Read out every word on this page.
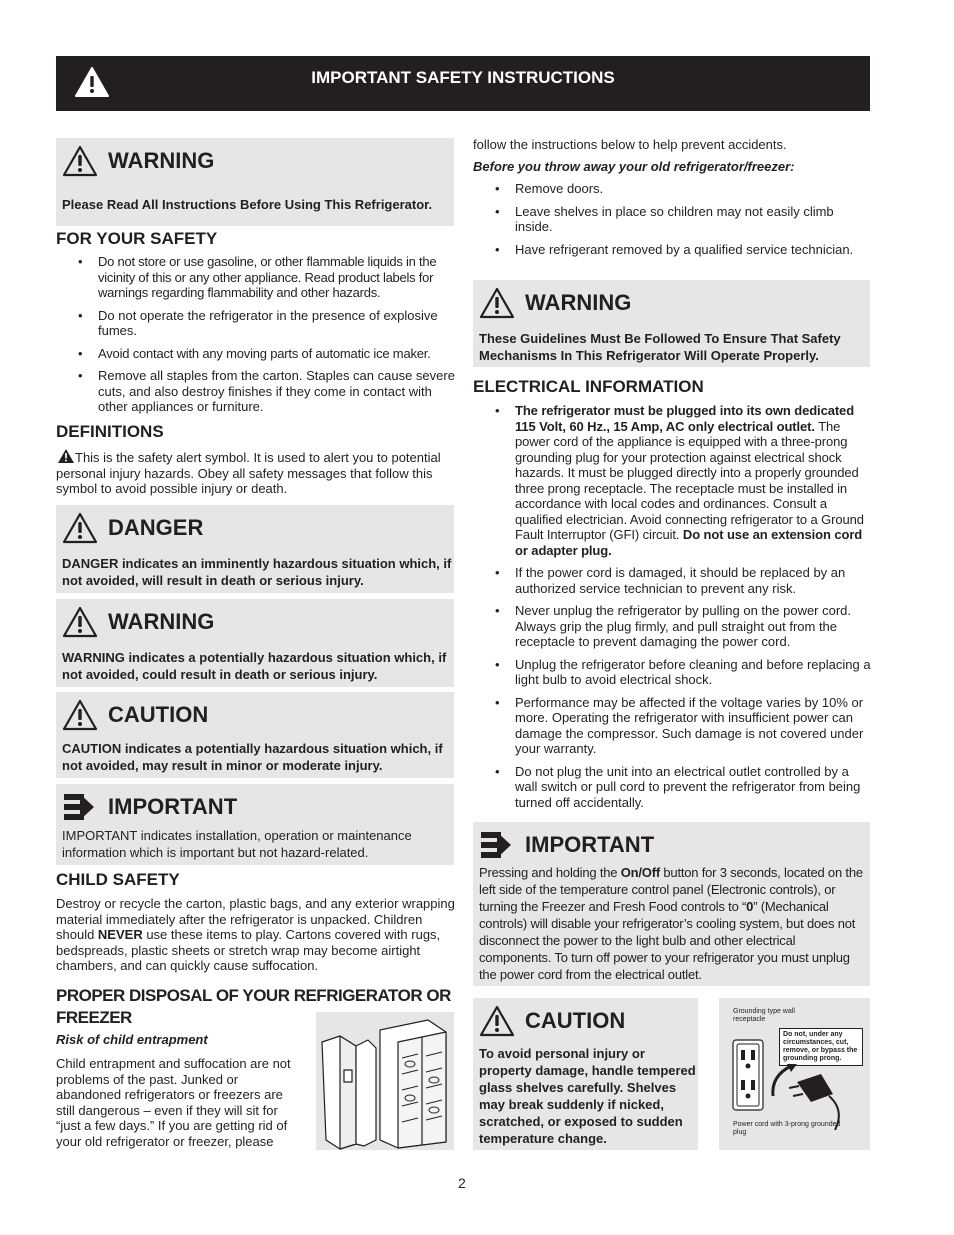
IMPORTANT SAFETY INSTRUCTIONS
WARNING
Please Read All Instructions Before Using This Refrigerator.
FOR YOUR SAFETY
• Do not store or use gasoline, or other flammable liquids in the vicinity of this or any other appliance. Read product labels for warnings regarding flammability and other hazards.
• Do not operate the refrigerator in the presence of explosive fumes.
• Avoid contact with any moving parts of automatic ice maker.
• Remove all staples from the carton. Staples can cause severe cuts, and also destroy finishes if they come in contact with other appliances or furniture.
DEFINITIONS
This is the safety alert symbol. It is used to alert you to potential personal injury hazards. Obey all safety messages that follow this symbol to avoid possible injury or death.
DANGER
DANGER indicates an imminently hazardous situation which, if not avoided, will result in death or serious injury.
WARNING
WARNING indicates a potentially hazardous situation which, if not avoided, could result in death or serious injury.
CAUTION
CAUTION indicates a potentially hazardous situation which, if not avoided, may result in minor or moderate injury.
IMPORTANT
IMPORTANT indicates installation, operation or maintenance information which is important but not hazard-related.
CHILD SAFETY
Destroy or recycle the carton, plastic bags, and any exterior wrapping material immediately after the refrigerator is unpacked. Children should NEVER use these items to play. Cartons covered with rugs, bedspreads, plastic sheets or stretch wrap may become airtight chambers, and can quickly cause suffocation.
PROPER DISPOSAL OF YOUR REFRIGERATOR OR FREEZER
Risk of child entrapment
Child entrapment and suffocation are not problems of the past. Junked or abandoned refrigerators or freezers are still dangerous – even if they will sit for “just a few days.” If you are getting rid of your old refrigerator or freezer, please
follow the instructions below to help prevent accidents.
Before you throw away your old refrigerator/freezer:
• Remove doors.
• Leave shelves in place so children may not easily climb inside.
• Have refrigerant removed by a qualified service technician.
WARNING
These Guidelines Must Be Followed To Ensure That Safety Mechanisms In This Refrigerator Will Operate Properly.
ELECTRICAL INFORMATION
• The refrigerator must be plugged into its own dedicated 115 Volt, 60 Hz., 15 Amp, AC only electrical outlet. The power cord of the appliance is equipped with a three-prong grounding plug for your protection against electrical shock hazards. It must be plugged directly into a properly grounded three prong receptacle. The receptacle must be installed in accordance with local codes and ordinances. Consult a qualified electrician. Avoid connecting refrigerator to a Ground Fault Interruptor (GFI) circuit. Do not use an extension cord or adapter plug.
• If the power cord is damaged, it should be replaced by an authorized service technician to prevent any risk.
• Never unplug the refrigerator by pulling on the power cord. Always grip the plug firmly, and pull straight out from the receptacle to prevent damaging the power cord.
• Unplug the refrigerator before cleaning and before replacing a light bulb to avoid electrical shock.
• Performance may be affected if the voltage varies by 10% or more. Operating the refrigerator with insufficient power can damage the compressor. Such damage is not covered under your warranty.
• Do not plug the unit into an electrical outlet controlled by a wall switch or pull cord to prevent the refrigerator from being turned off accidentally.
IMPORTANT
Pressing and holding the On/Off button for 3 seconds, located on the left side of the temperature control panel (Electronic controls), or turning the Freezer and Fresh Food controls to “0” (Mechanical controls) will disable your refrigerator’s cooling system, but does not disconnect the power to the light bulb and other electrical components. To turn off power to your refrigerator you must unplug the power cord from the electrical outlet.
CAUTION
To avoid personal injury or property damage, handle tempered glass shelves carefully. Shelves may break suddenly if nicked, scratched, or exposed to sudden temperature change.
Grounding type wall receptacle
Do not, under any circumstances, cut, remove, or bypass the grounding prong.
Power cord with 3-prong grounded plug
2
